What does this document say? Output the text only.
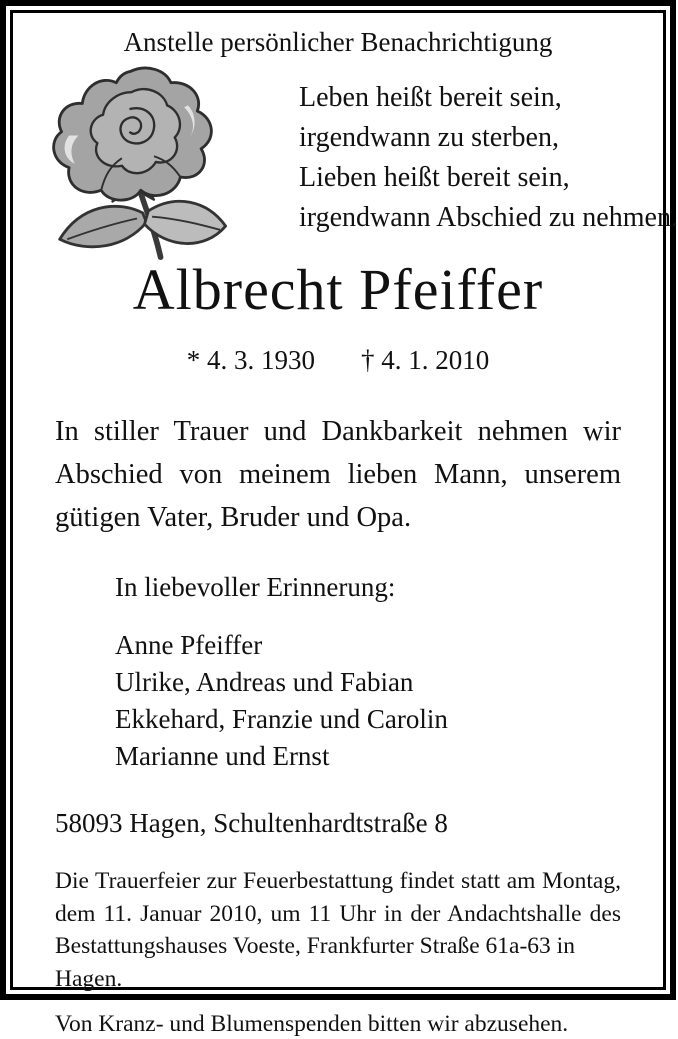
Anstelle persönlicher Benachrichtigung
Leben heißt bereit sein,
irgendwann zu sterben,
Lieben heißt bereit sein,
irgendwann Abschied zu nehmen.
Albrecht Pfeiffer
* 4. 3. 1930 † 4. 1. 2010
In stiller Trauer und Dankbarkeit nehmen wir
Abschied von meinem lieben Mann, unserem
gütigen Vater, Bruder und Opa.
In liebevoller Erinnerung:
Anne Pfeiffer
Ulrike, Andreas und Fabian
Ekkehard, Franzie und Carolin
Marianne und Ernst
58093 Hagen, Schultenhardtstraße 8
Die Trauerfeier zur Feuerbestattung findet statt am Montag,
dem 11. Januar 2010, um 11 Uhr in der Andachtshalle des
Bestattungshauses Voeste, Frankfurter Straße 61a-63 in Hagen.
Von Kranz- und Blumenspenden bitten wir abzusehen.
